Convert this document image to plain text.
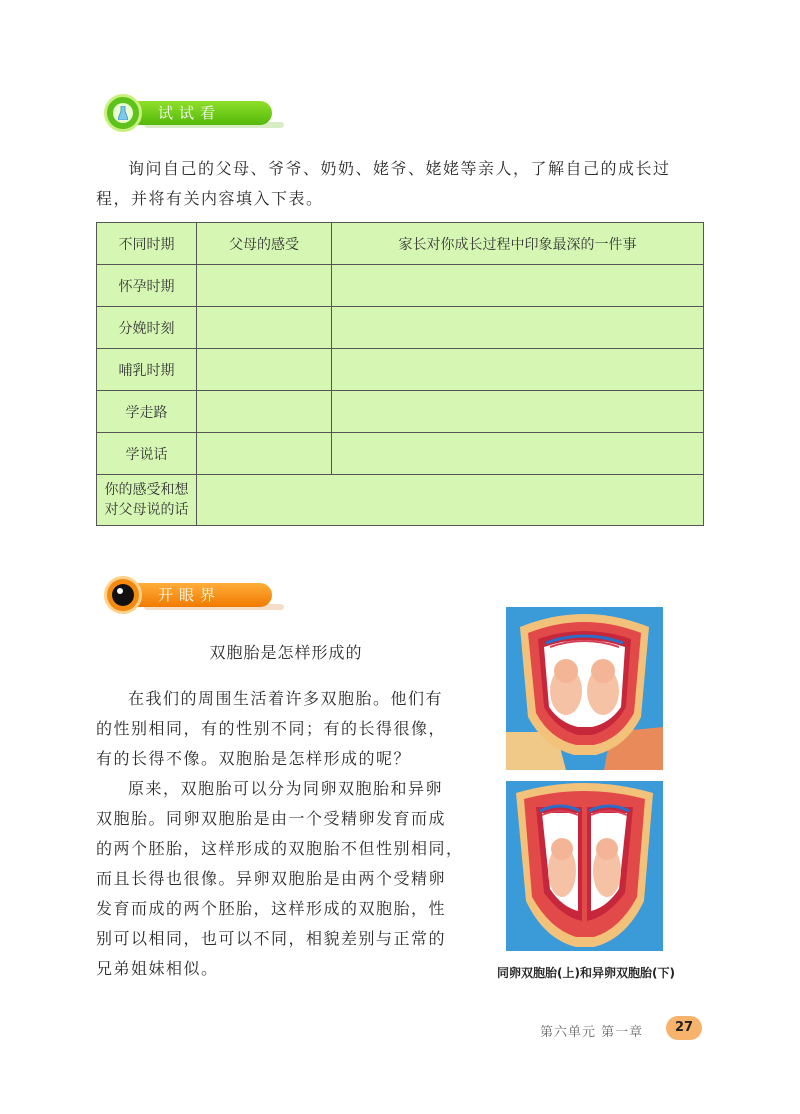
试试看
询问自己的父母、爷爷、奶奶、姥爷、姥姥等亲人，了解自己的成长过
程，并将有关内容填入下表。
不同时期	父母的感受	家长对你成长过程中印象最深的一件事
怀孕时期		
分娩时刻		
哺乳时期		
学走路		
学说话		
你的感受和想
对父母说的话		
开眼界
双胞胎是怎样形成的
在我们的周围生活着许多双胞胎。他们有
的性别相同，有的性别不同；有的长得很像，
有的长得不像。双胞胎是怎样形成的呢？
原来，双胞胎可以分为同卵双胞胎和异卵
双胞胎。同卵双胞胎是由一个受精卵发育而成
的两个胚胎，这样形成的双胞胎不但性别相同，
而且长得也很像。异卵双胞胎是由两个受精卵
发育而成的两个胚胎，这样形成的双胞胎，性
别可以相同，也可以不同，相貌差别与正常的
兄弟姐妹相似。	同卵双胞胎(上)和异卵双胞胎(下)
第六单元 第一章	27
